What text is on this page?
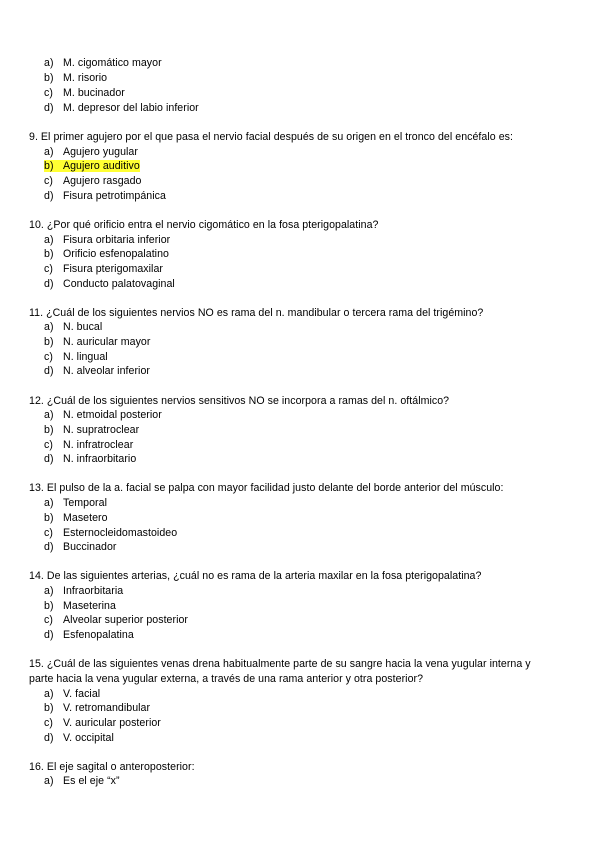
a) M. cigomático mayor
b) M. risorio
c) M. bucinador
d) M. depresor del labio inferior
9. El primer agujero por el que pasa el nervio facial después de su origen en el tronco del encéfalo es:
a) Agujero yugular
b) Agujero auditivo
c) Agujero rasgado
d) Fisura petrotimpánica
10. ¿Por qué orificio entra el nervio cigomático en la fosa pterigopalatina?
a) Fisura orbitaria inferior
b) Orificio esfenopalatino
c) Fisura pterigomaxilar
d) Conducto palatovaginal
11. ¿Cuál de los siguientes nervios NO es rama del n. mandibular o tercera rama del trigémino?
a) N. bucal
b) N. auricular mayor
c) N. lingual
d) N. alveolar inferior
12. ¿Cuál de los siguientes nervios sensitivos NO se incorpora a ramas del n. oftálmico?
a) N. etmoidal posterior
b) N. supratroclear
c) N. infratroclear
d) N. infraorbitario
13. El pulso de la a. facial se palpa con mayor facilidad justo delante del borde anterior del músculo:
a) Temporal
b) Masetero
c) Esternocleidomastoideo
d) Buccinador
14. De las siguientes arterias, ¿cuál no es rama de la arteria maxilar en la fosa pterigopalatina?
a) Infraorbitaria
b) Maseterina
c) Alveolar superior posterior
d) Esfenopalatina
15. ¿Cuál de las siguientes venas drena habitualmente parte de su sangre hacia la vena yugular interna y
parte hacia la vena yugular externa, a través de una rama anterior y otra posterior?
a) V. facial
b) V. retromandibular
c) V. auricular posterior
d) V. occipital
16. El eje sagital o anteroposterior:
a) Es el eje “x”
